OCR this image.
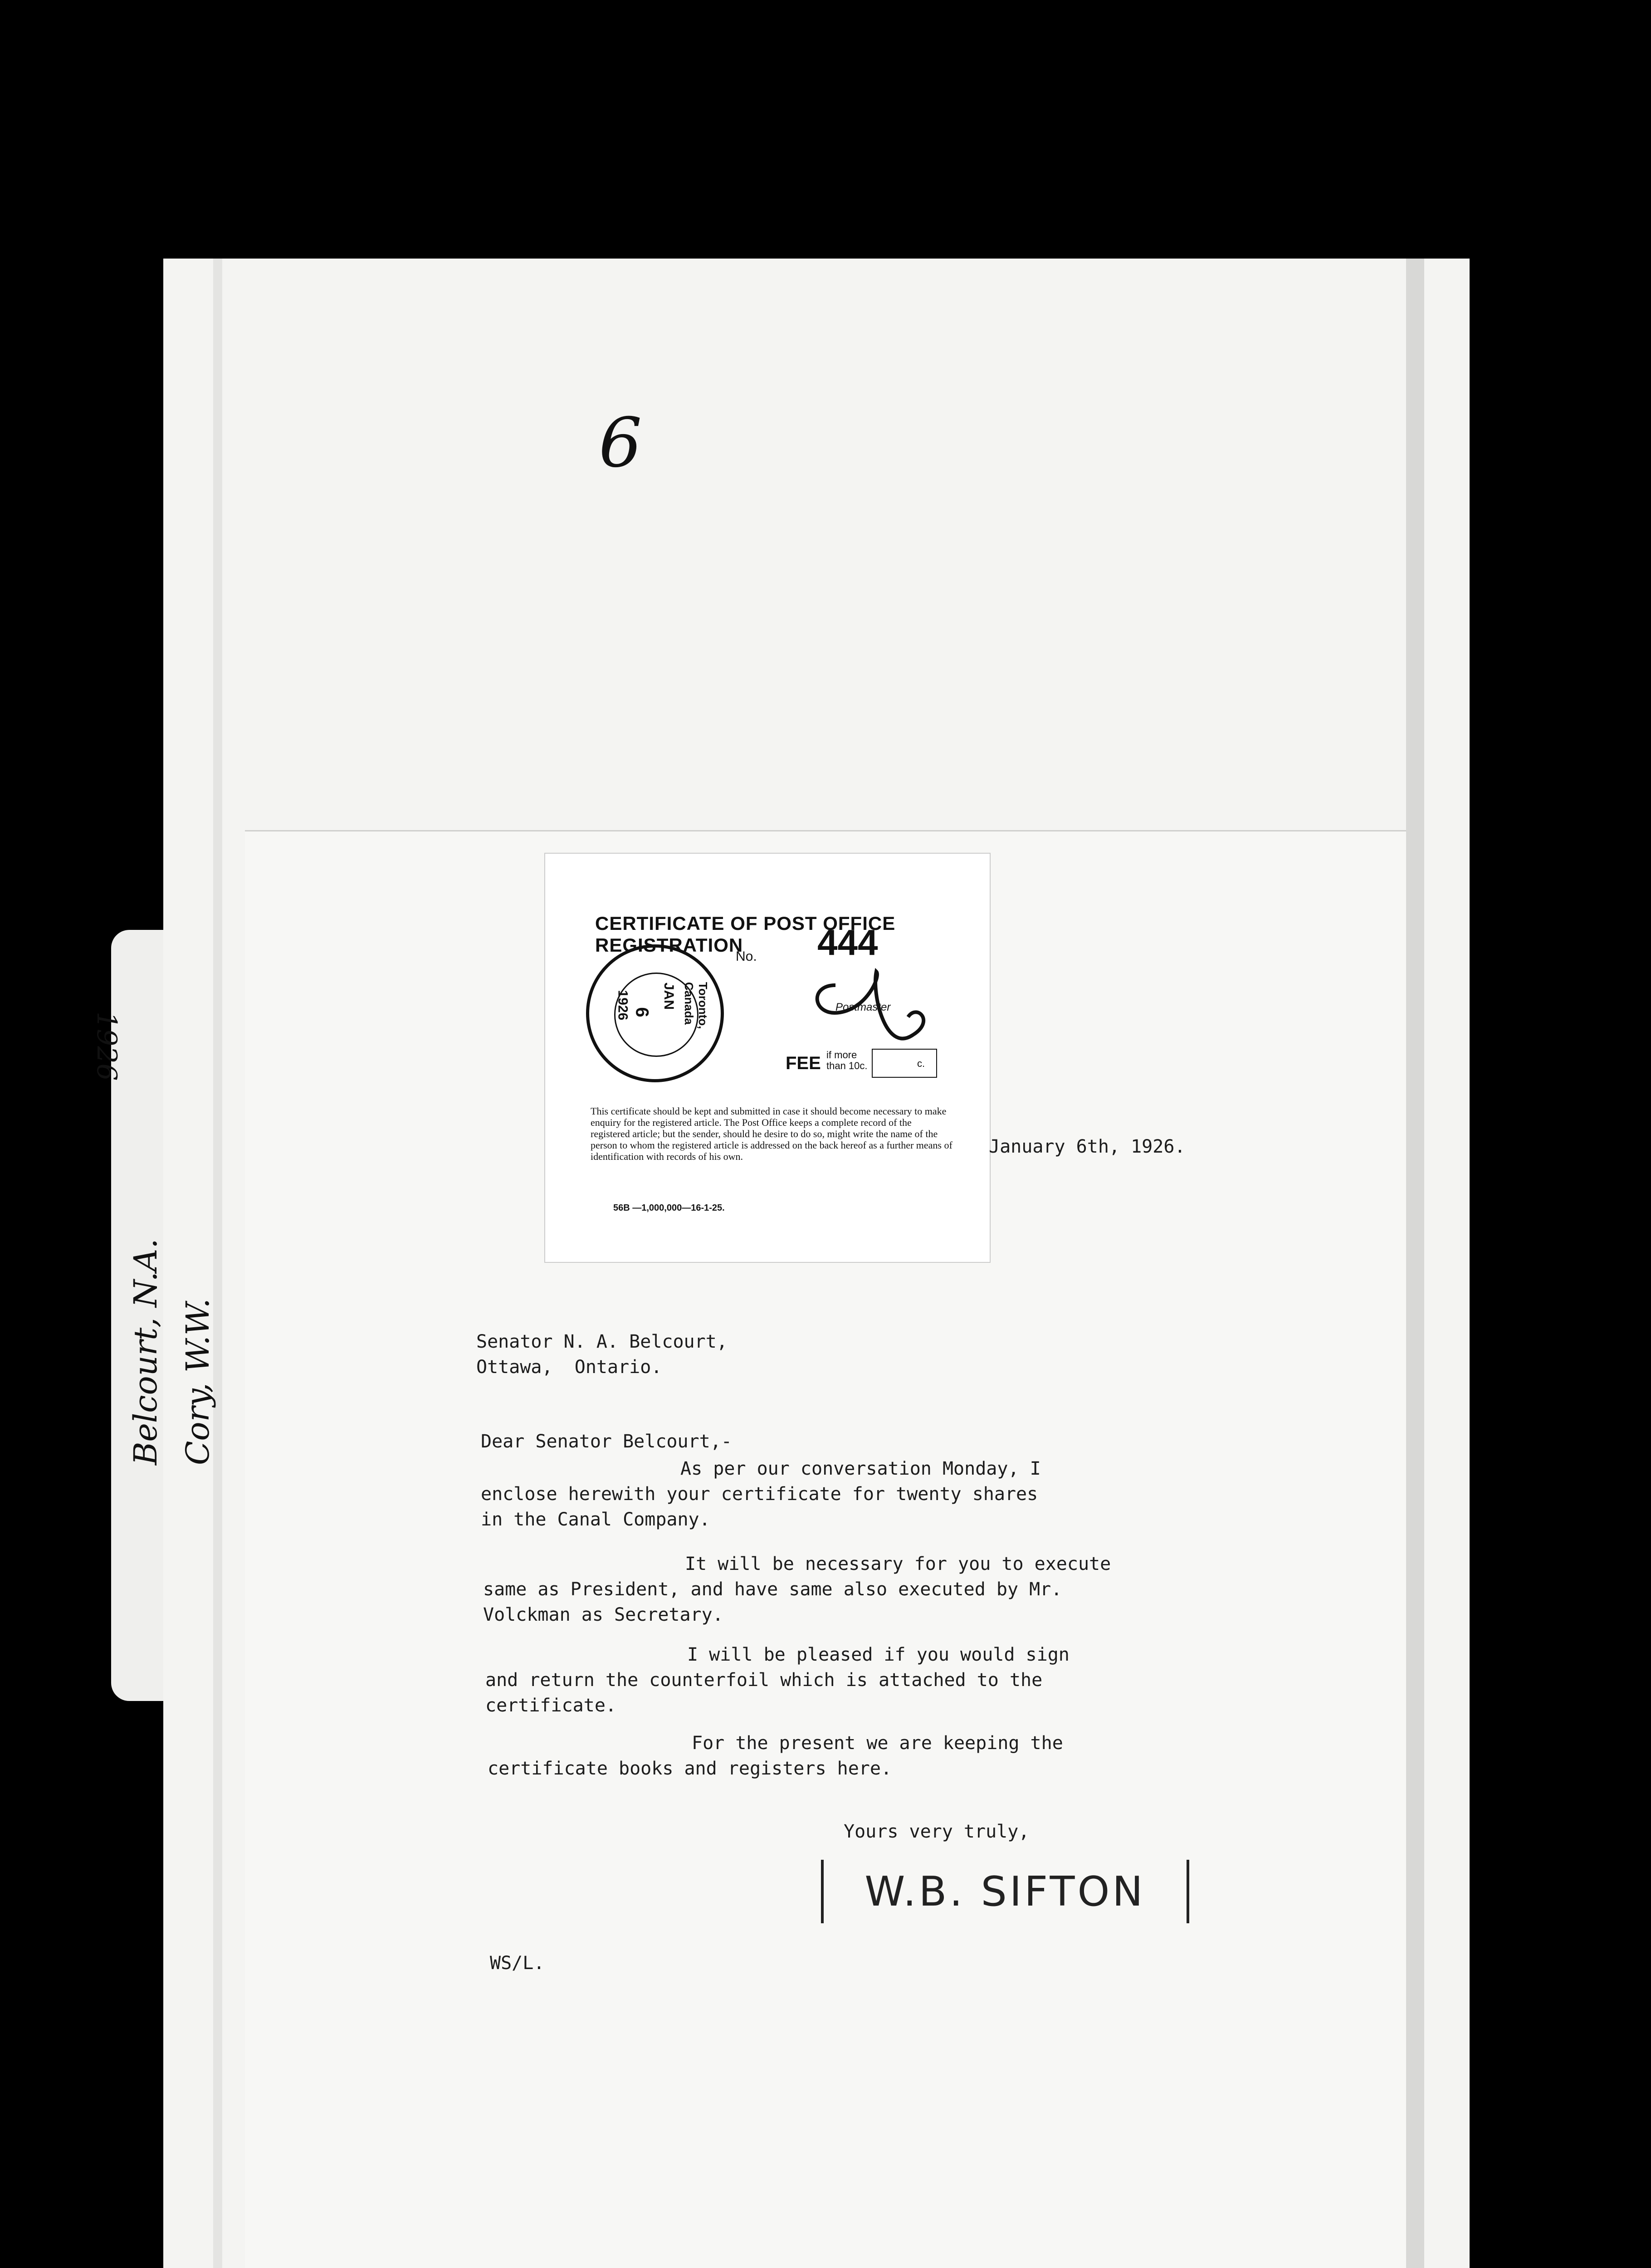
1926
Belcourt, N.A. Cory, W.W.
6
CERTIFICATE OF POST OFFICE REGISTRATION	444
No.
Postmaster
FEE if more than 10c.	c.
JAN
6
1926	Toronto, Canada
This certificate should be kept and submitted in case it should become necessary to make enquiry for the registered article. The Post Office keeps a complete record of the registered article; but the sender, should he desire to do so, might write the name of the person to whom the registered article is addressed on the back hereof as a further means of identification with records of his own.
56B —1,000,000—16-1-25.
January 6th, 1926.
Senator N. A. Belcourt,
Ottawa,  Ontario.
Dear Senator Belcourt,-
As per our conversation Monday, I
enclose herewith your certificate for twenty shares
in the Canal Company.
It will be necessary for you to execute
same as President, and have same also executed by Mr.
Volckman as Secretary.
I will be pleased if you would sign
and return the counterfoil which is attached to the
certificate.
For the present we are keeping the
certificate books and registers here.
Yours very truly,
W.B. SIFTON
WS/L.
